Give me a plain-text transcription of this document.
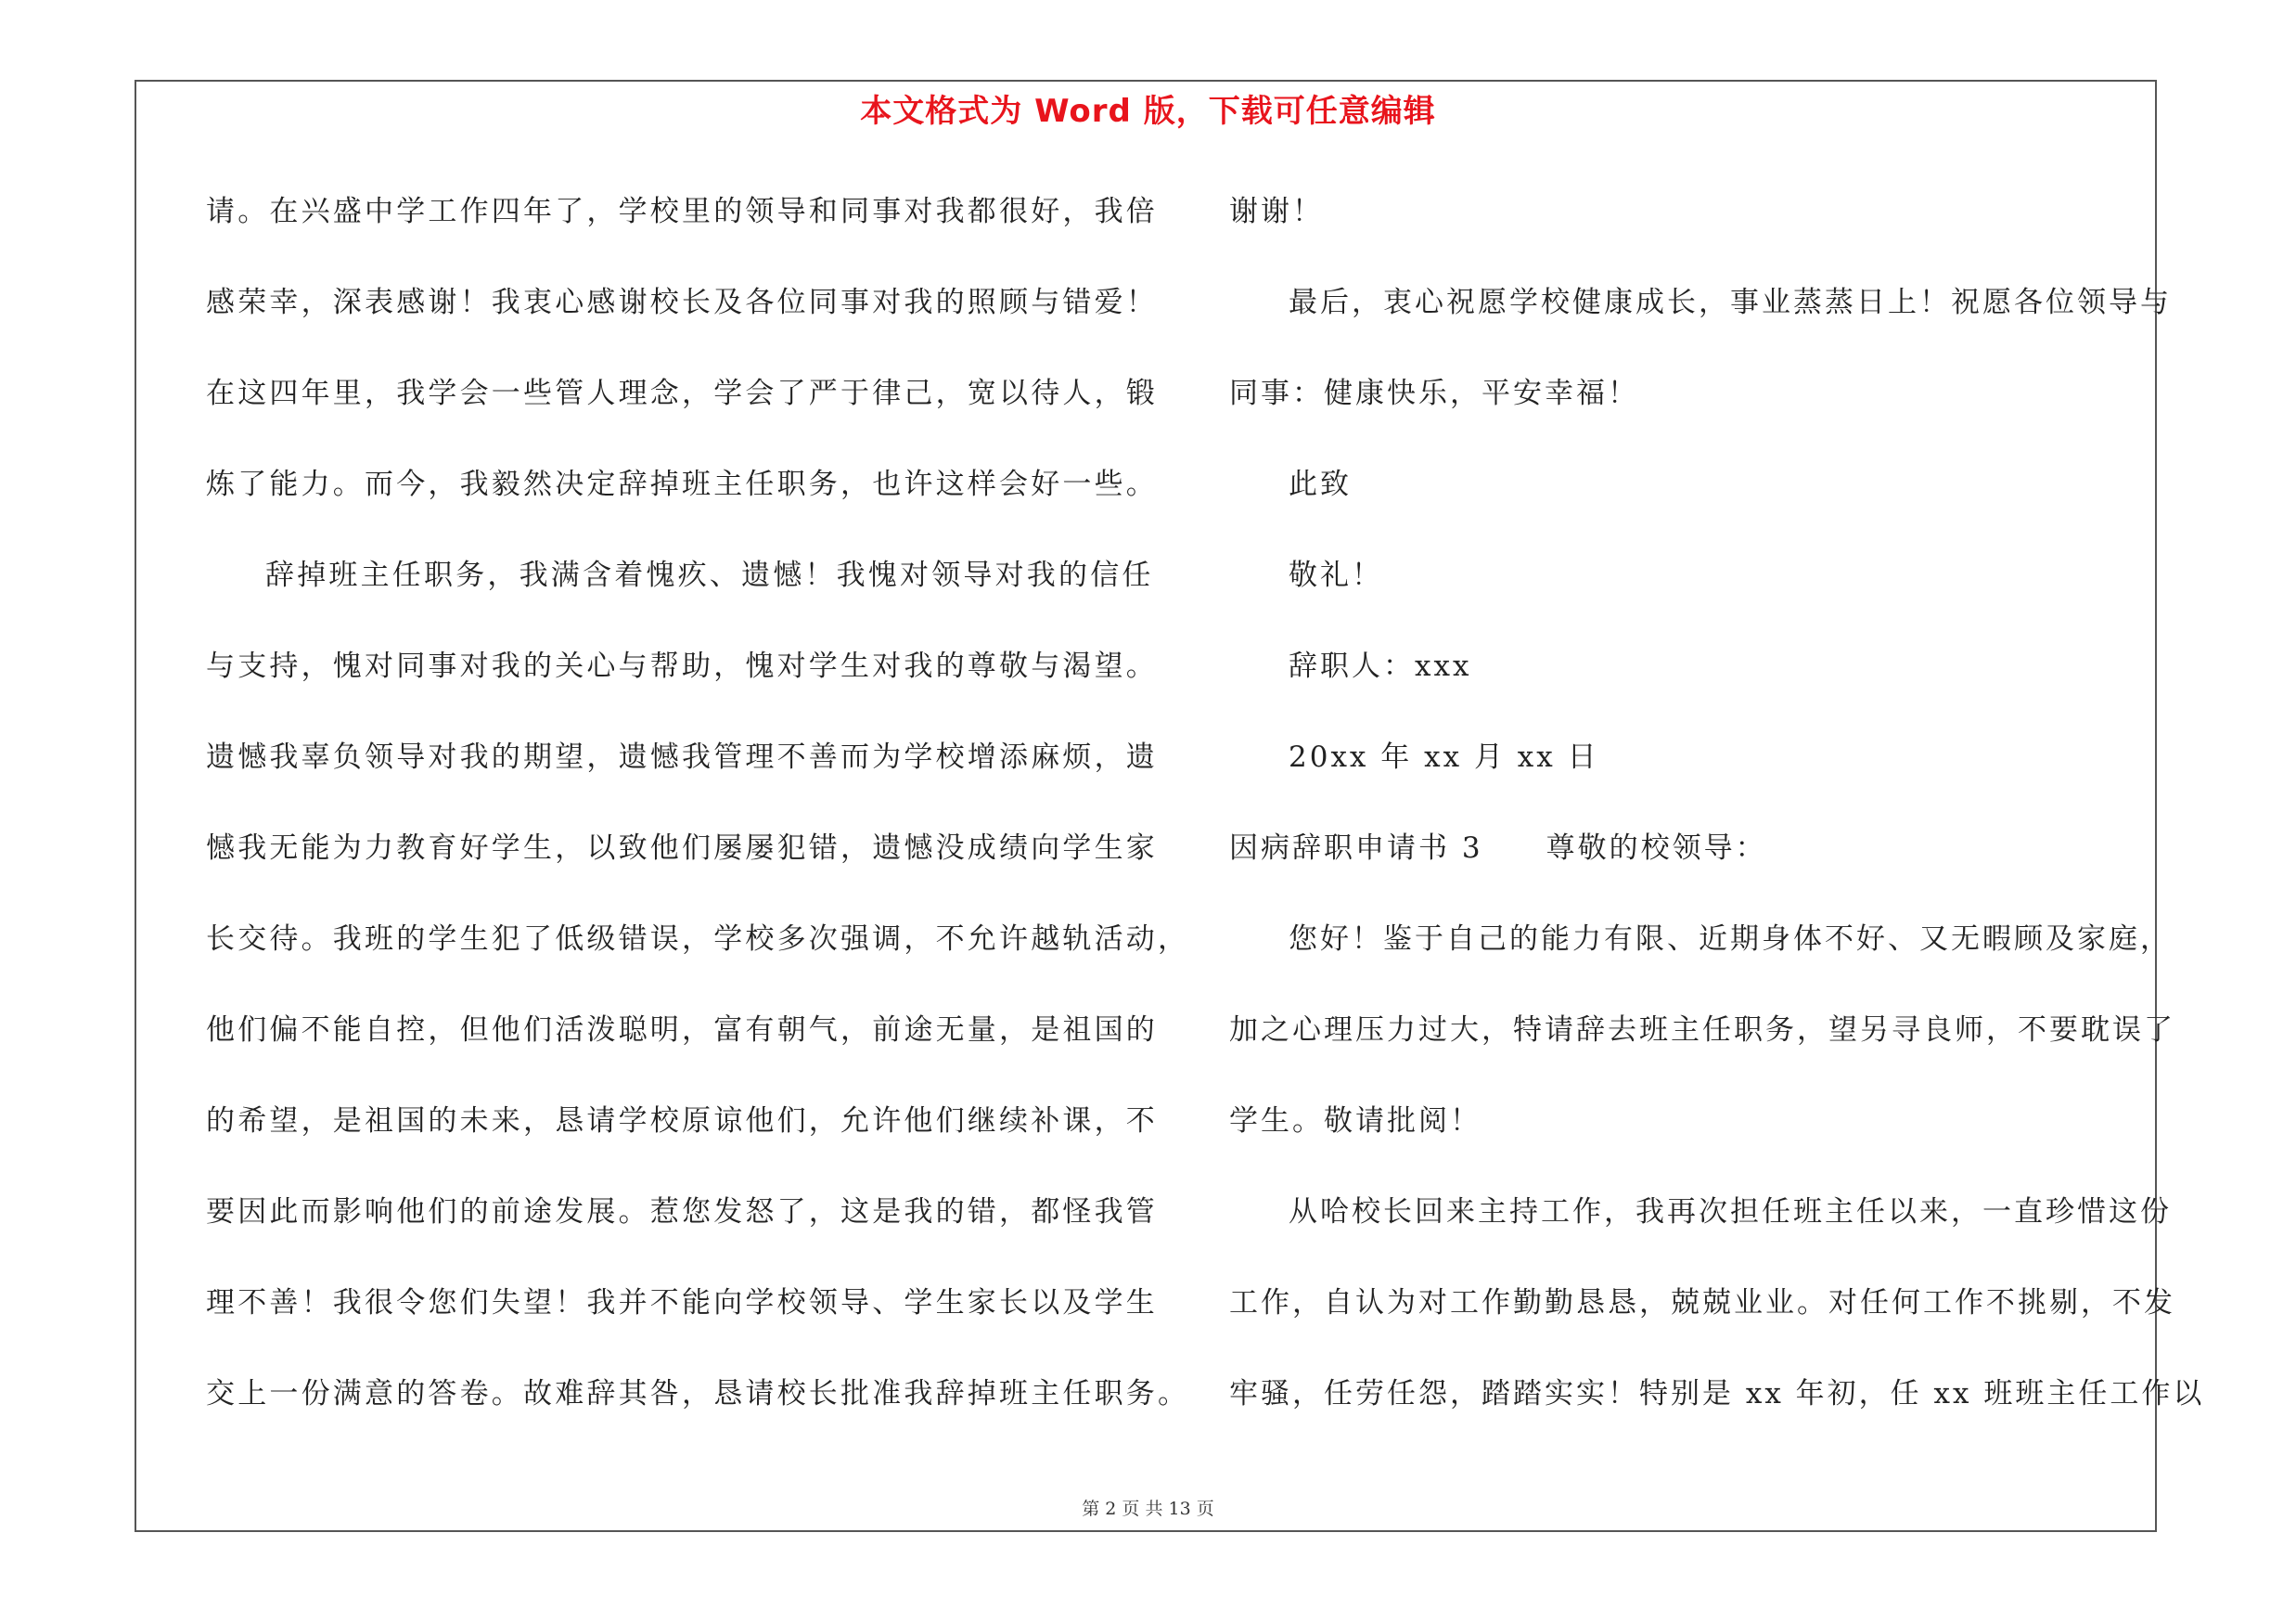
本文格式为 Word 版，下载可任意编辑
请。在兴盛中学工作四年了，学校里的领导和同事对我都很好，我倍
感荣幸，深表感谢！我衷心感谢校长及各位同事对我的照顾与错爱！
在这四年里，我学会一些管人理念，学会了严于律己，宽以待人，锻
炼了能力。而今，我毅然决定辞掉班主任职务，也许这样会好一些。
辞掉班主任职务，我满含着愧疚、遗憾！我愧对领导对我的信任
与支持，愧对同事对我的关心与帮助，愧对学生对我的尊敬与渴望。
遗憾我辜负领导对我的期望，遗憾我管理不善而为学校增添麻烦，遗
憾我无能为力教育好学生，以致他们屡屡犯错，遗憾没成绩向学生家
长交待。我班的学生犯了低级错误，学校多次强调，不允许越轨活动，
他们偏不能自控，但他们活泼聪明，富有朝气，前途无量，是祖国的
的希望，是祖国的未来，恳请学校原谅他们，允许他们继续补课，不
要因此而影响他们的前途发展。惹您发怒了，这是我的错，都怪我管
理不善！我很令您们失望！我并不能向学校领导、学生家长以及学生
交上一份满意的答卷。故难辞其咎，恳请校长批准我辞掉班主任职务。
谢谢！
最后，衷心祝愿学校健康成长，事业蒸蒸日上！祝愿各位领导与
同事：健康快乐，平安幸福！
此致
敬礼！
辞职人：xxx
20xx 年 xx 月 xx 日
因病辞职申请书 3　　尊敬的校领导：
您好！鉴于自己的能力有限、近期身体不好、又无暇顾及家庭，
加之心理压力过大，特请辞去班主任职务，望另寻良师，不要耽误了
学生。敬请批阅！
从哈校长回来主持工作，我再次担任班主任以来，一直珍惜这份
工作，自认为对工作勤勤恳恳，兢兢业业。对任何工作不挑剔，不发
牢骚，任劳任怨，踏踏实实！特别是 xx 年初，任 xx 班班主任工作以
第 2 页 共 13 页
